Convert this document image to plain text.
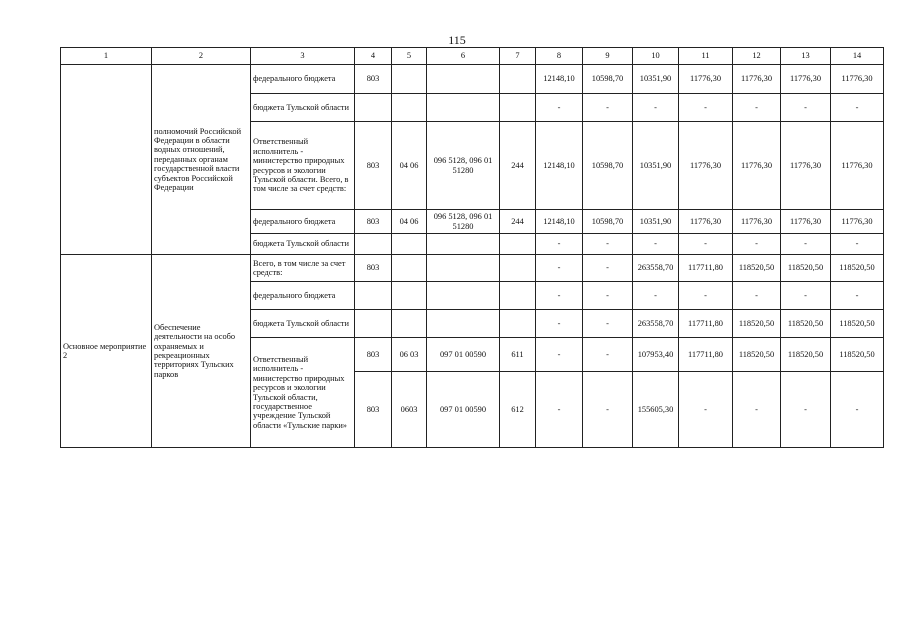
115
1	2	3	4	5	6	7	8	9	10	11	12	13	14
	полномочий Российской Федерации в области водных отношений, переданных органам государственной власти субъектов Российской Федерации	федерального бюджета	803				12148,10	10598,70	10351,90	11776,30	11776,30	11776,30	11776,30
		бюджета Тульской области					-	-	-	-	-	-	-
		Ответственный исполнитель - министерство природных ресурсов и экологии Тульской области. Всего, в том числе за счет средств:	803	04 06	096 5128, 096 01 51280	244	12148,10	10598,70	10351,90	11776,30	11776,30	11776,30	11776,30
		федерального бюджета	803	04 06	096 5128, 096 01 51280	244	12148,10	10598,70	10351,90	11776,30	11776,30	11776,30	11776,30
		бюджета Тульской области					-	-	-	-	-	-	-
Основное мероприятие 2	Обеспечение деятельности на особо охраняемых и рекреационных территориях Тульских парков	Всего, в том числе за счет средств:	803				-	-	263558,70	117711,80	118520,50	118520,50	118520,50
		федерального бюджета					-	-	-	-	-	-	-
		бюджета Тульской области					-	-	263558,70	117711,80	118520,50	118520,50	118520,50
		Ответственный исполнитель - министерство природных ресурсов и экологии Тульской области, государственное учреждение Тульской области «Тульские парки»	803	06 03	097 01 00590	611	-	-	107953,40	117711,80	118520,50	118520,50	118520,50
			803	0603	097 01 00590	612	-	-	155605,30	-	-	-	-
